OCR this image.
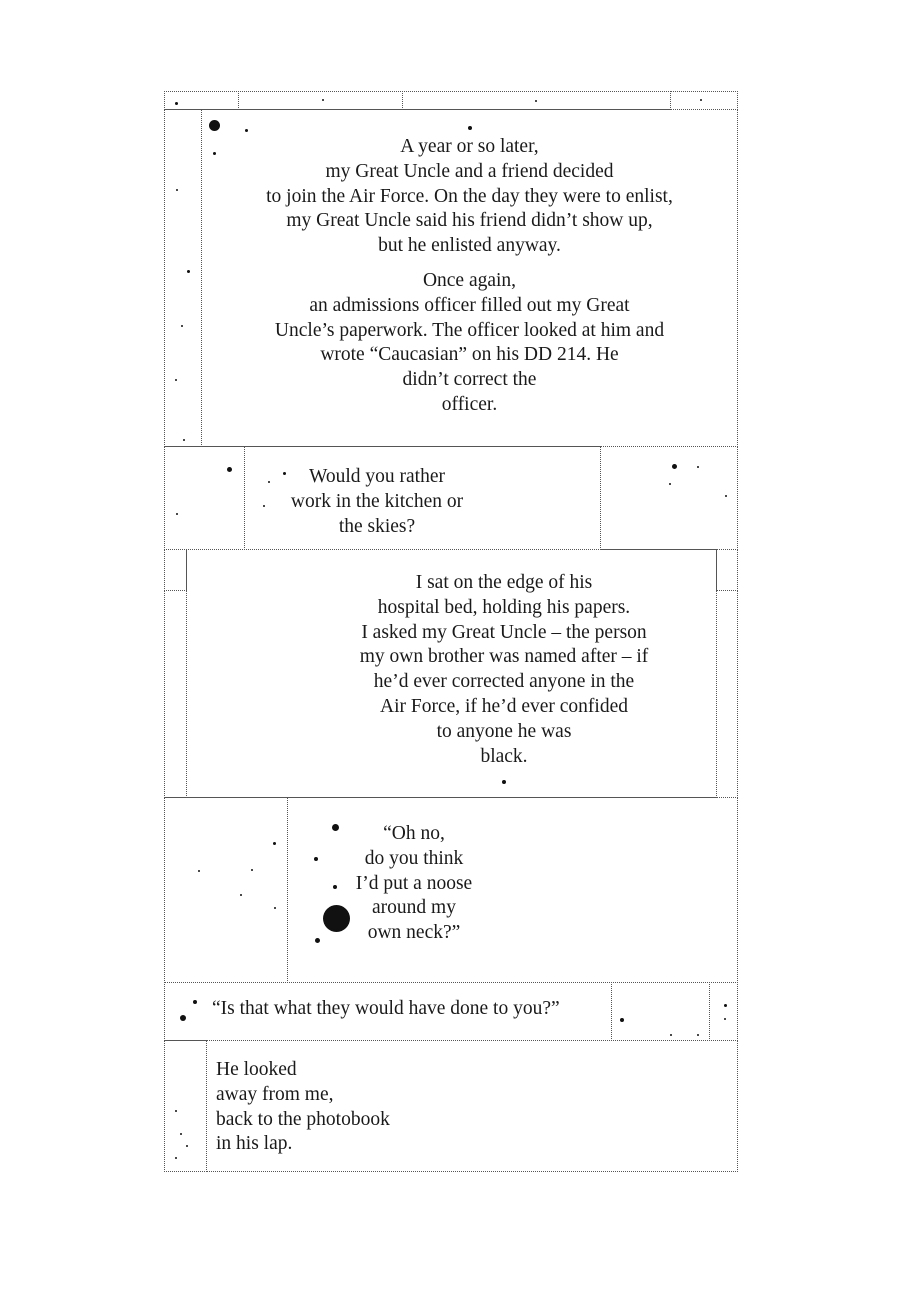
A year or so later,
my Great Uncle and a friend decided
to join the Air Force. On the day they were to enlist,
my Great Uncle said his friend didn’t show up,
but he enlisted anyway.
Once again,
an admissions officer filled out my Great
Uncle’s paperwork. The officer looked at him and
wrote “Caucasian” on his DD 214. He
didn’t correct the
officer.
Would you rather
work in the kitchen or
the skies?
I sat on the edge of his
hospital bed, holding his papers.
I asked my Great Uncle – the person
my own brother was named after – if
he’d ever corrected anyone in the
Air Force, if he’d ever confided
to anyone he was
black.
“Oh no,
do you think
I’d put a noose
around my
own neck?”
“Is that what they would have done to you?”
He looked
away from me,
back to the photobook
in his lap.
